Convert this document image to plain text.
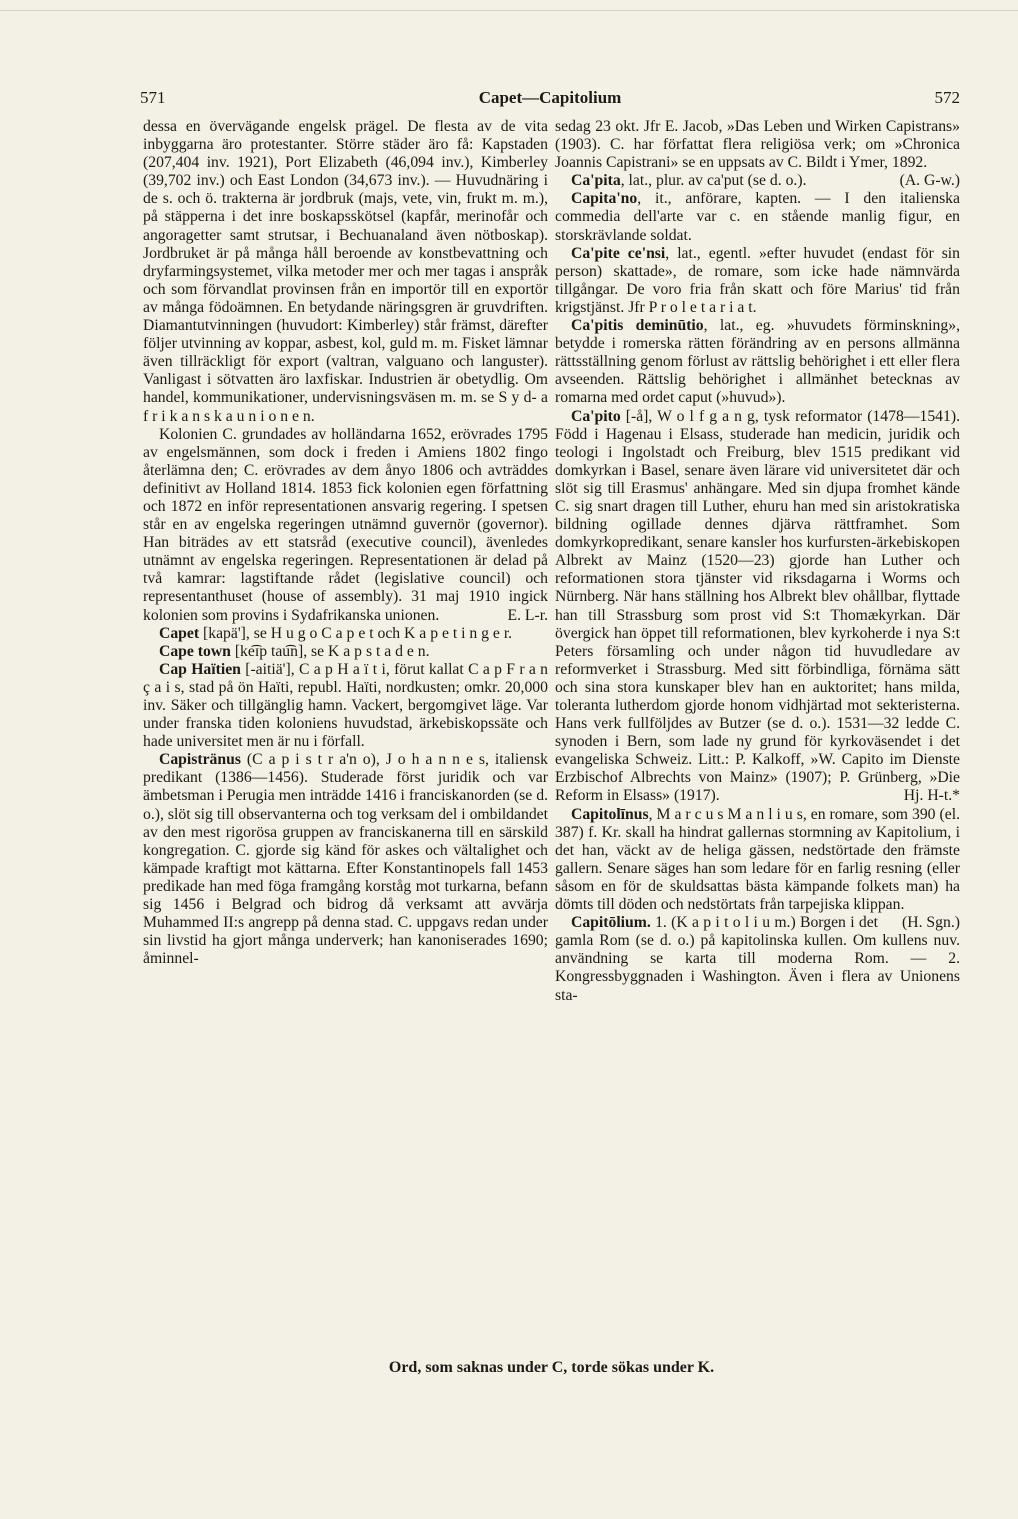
571	Capet—Capitolium	572

dessa en övervägande engelsk prägel. De flesta av de vita inbyggarna äro protestanter. Större städer äro få: Kapstaden (207,404 inv. 1921), Port Elizabeth (46,094 inv.), Kimberley (39,702 inv.) och East London (34,673 inv.). — Huvudnäring i de s. och ö. trakterna är jordbruk (majs, vete, vin, frukt m. m.), på stäpperna i det inre boskapsskötsel (kapfår, merinofår och angoragetter samt strutsar, i Bechuanaland även nötboskap). Jordbruket är på många håll beroende av konstbevattning och dryfarmingsystemet, vilka metoder mer och mer tagas i anspråk och som förvandlat provinsen från en importör till en exportör av många födoämnen. En betydande näringsgren är gruvdriften. Diamantutvinningen (huvudort: Kimberley) står främst, därefter följer utvinning av koppar, asbest, kol, guld m. m. Fisket lämnar även tillräckligt för export (valtran, valguano och languster). Vanligast i sötvatten äro laxfiskar. Industrien är obetydlig. Om handel, kommunikationer, undervisningsväsen m. m. se S y d- a f r i k a n s k a u n i o n e n.

Kolonien C. grundades av holländarna 1652, erövrades 1795 av engelsmännen, som dock i freden i Amiens 1802 fingo återlämna den; C. erövrades av dem ånyo 1806 och avträddes definitivt av Holland 1814. 1853 fick kolonien egen författning och 1872 en inför representationen ansvarig regering. I spetsen står en av engelska regeringen utnämnd guvernör (governor). Han biträdes av ett statsråd (executive council), ävenledes utnämnt av engelska regeringen. Representationen är delad på två kamrar: lagstiftande rådet (legislative council) och representanthuset (house of assembly). 31 maj 1910 ingick kolonien som provins i Sydafrikanska unionen.	E. L-r.

Capet [kapä'], se H u g o C a p e t och K a p e t i n g e r.

Cape town [ke͡ɪp tau͡n], se K a p s t a d e n.

Cap Haïtien [-aitiä'], C a p H a ï t i, förut kallat C a p F r a n ç a i s, stad på ön Haïti, republ. Haïti, nordkusten; omkr. 20,000 inv. Säker och tillgänglig hamn. Vackert, bergomgivet läge. Var under franska tiden koloniens huvudstad, ärkebiskopssäte och hade universitet men är nu i förfall.

Capistränus (C a p i s t r a'n o), J o h a n n e s, italiensk predikant (1386—1456). Studerade först juridik och var ämbetsman i Perugia men inträdde 1416 i franciskanorden (se d. o.), slöt sig till observanterna och tog verksam del i ombildandet av den mest rigorösa gruppen av franciskanerna till en särskild kongregation. C. gjorde sig känd för askes och vältalighet och kämpade kraftigt mot kättarna. Efter Konstantinopels fall 1453 predikade han med föga framgång korståg mot turkarna, befann sig 1456 i Belgrad och bidrog då verksamt att avvärja Muhammed II:s angrepp på denna stad. C. uppgavs redan under sin livstid ha gjort många underverk; han kanoniserades 1690; åminnel-

sedag 23 okt. Jfr E. Jacob, »Das Leben und Wirken Capistrans» (1903). C. har författat flera religiösa verk; om »Chronica Joannis Capistrani» se en uppsats av C. Bildt i Ymer, 1892.
(A. G-w.)

Ca'pita, lat., plur. av ca'put (se d. o.).

Capita'no, it., anförare, kapten. — I den italienska commedia dell'arte var c. en stående manlig figur, en storskrävlande soldat.

Ca'pite ce'nsi, lat., egentl. »efter huvudet (endast för sin person) skattade», de romare, som icke hade nämnvärda tillgångar. De voro fria från skatt och före Marius' tid från krigstjänst. Jfr P r o l e t a r i a t.

Ca'pitis deminūtio, lat., eg. »huvudets förminskning», betydde i romerska rätten förändring av en persons allmänna rättsställning genom förlust av rättslig behörighet i ett eller flera avseenden. Rättslig behörighet i allmänhet betecknas av romarna med ordet caput (»huvud»).

Ca'pito [-å], W o l f g a n g, tysk reformator (1478—1541). Född i Hagenau i Elsass, studerade han medicin, juridik och teologi i Ingolstadt och Freiburg, blev 1515 predikant vid domkyrkan i Basel, senare även lärare vid universitetet där och slöt sig till Erasmus' anhängare. Med sin djupa fromhet kände C. sig snart dragen till Luther, ehuru han med sin aristokratiska bildning ogillade dennes djärva rättframhet. Som domkyrkopredikant, senare kansler hos kurfursten-ärkebiskopen Albrekt av Mainz (1520—23) gjorde han Luther och reformationen stora tjänster vid riksdagarna i Worms och Nürnberg. När hans ställning hos Albrekt blev ohållbar, flyttade han till Strassburg som prost vid S:t Thomækyrkan. Där övergick han öppet till reformationen, blev kyrkoherde i nya S:t Peters församling och under någon tid huvudledare av reformverket i Strassburg. Med sitt förbindliga, förnäma sätt och sina stora kunskaper blev han en auktoritet; hans milda, toleranta lutherdom gjorde honom vidhjärtad mot sekteristerna. Hans verk fullföljdes av Butzer (se d. o.). 1531—32 ledde C. synoden i Bern, som lade ny grund för kyrkoväsendet i det evangeliska Schweiz. Litt.: P. Kalkoff, »W. Capito im Dienste Erzbischof Albrechts von Mainz» (1907); P. Grünberg, »Die Reform in Elsass» (1917).	Hj. H-t.*

Capitolīnus, M a r c u s M a n l i u s, en romare, som 390 (el. 387) f. Kr. skall ha hindrat gallernas stormning av Kapitolium, i det han, väckt av de heliga gässen, nedstörtade den främste gallern. Senare säges han som ledare för en farlig resning (eller såsom en för de skuldsattas bästa kämpande folkets man) ha dömts till döden och nedstörtats från tarpejiska klippan.
(H. Sgn.)

Capitōlium. 1. (K a p i t o l i u m.) Borgen i det gamla Rom (se d. o.) på kapitolinska kullen. Om kullens nuv. användning se karta till moderna Rom. — 2. Kongressbyggnaden i Washington. Även i flera av Unionens sta-

Ord, som saknas under C, torde sökas under K.
